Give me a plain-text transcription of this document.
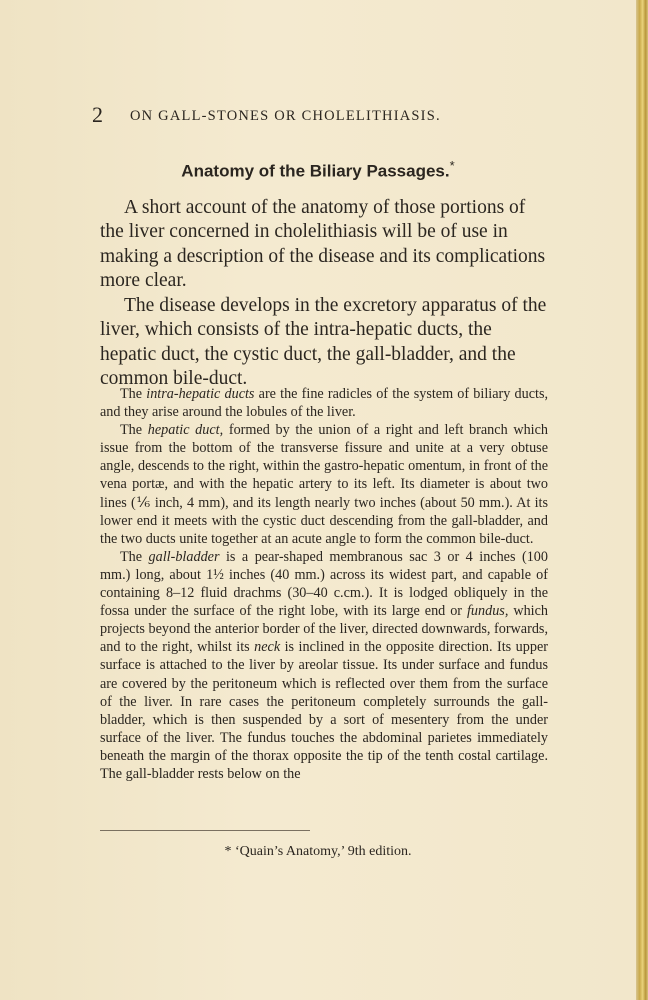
2 ON GALL-STONES OR CHOLELITHIASIS.
Anatomy of the Biliary Passages.*

A short account of the anatomy of those portions of the liver concerned in cholelithiasis will be of use in making a description of the disease and its complications more clear.

The disease develops in the excretory apparatus of the liver, which consists of the intra-hepatic ducts, the hepatic duct, the cystic duct, the gall-bladder, and the common bile-duct.

The intra-hepatic ducts are the fine radicles of the system of biliary ducts, and they arise around the lobules of the liver.

The hepatic duct, formed by the union of a right and left branch which issue from the bottom of the transverse fissure and unite at a very obtuse angle, descends to the right, within the gastro-hepatic omentum, in front of the vena portæ, and with the hepatic artery to its left. Its diameter is about two lines (⅙ inch, 4 mm), and its length nearly two inches (about 50 mm.). At its lower end it meets with the cystic duct descending from the gall-bladder, and the two ducts unite together at an acute angle to form the common bile-duct.

The gall-bladder is a pear-shaped membranous sac 3 or 4 inches (100 mm.) long, about 1½ inches (40 mm.) across its widest part, and capable of containing 8–12 fluid drachms (30–40 c.cm.). It is lodged obliquely in the fossa under the surface of the right lobe, with its large end or fundus, which projects beyond the anterior border of the liver, directed downwards, forwards, and to the right, whilst its neck is inclined in the opposite direction. Its upper surface is attached to the liver by areolar tissue. Its under surface and fundus are covered by the peritoneum which is reflected over them from the surface of the liver. In rare cases the peritoneum completely surrounds the gall-bladder, which is then suspended by a sort of mesentery from the under surface of the liver. The fundus touches the abdominal parietes immediately beneath the margin of the thorax opposite the tip of the tenth costal cartilage. The gall-bladder rests below on the

* ‘Quain’s Anatomy,’ 9th edition.
